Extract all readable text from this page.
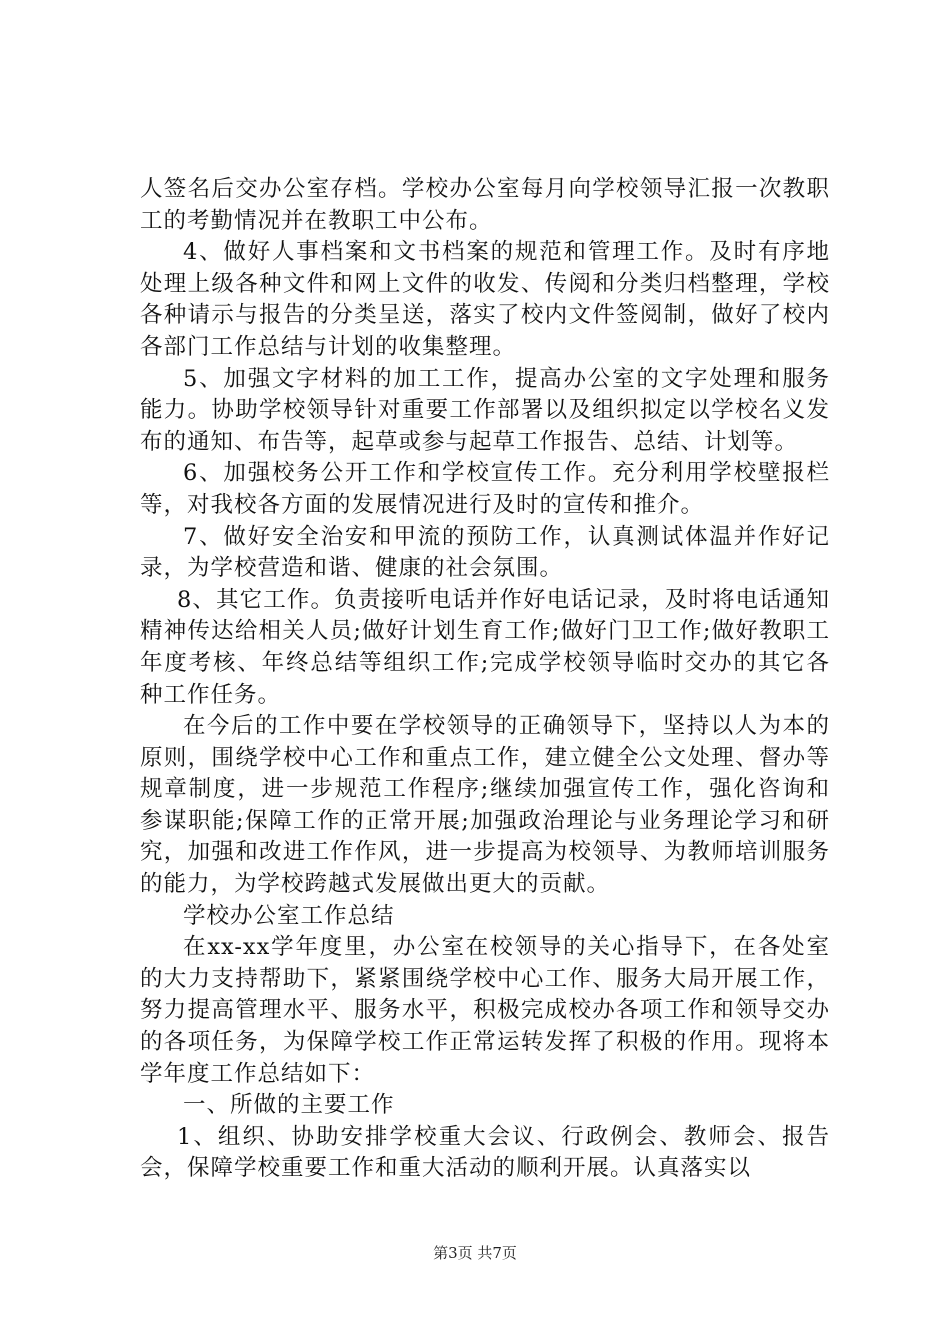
人签名后交办公室存档。学校办公室每月向学校领导汇报一次教职工的考勤情况并在教职工中公布。

4、做好人事档案和文书档案的规范和管理工作。及时有序地处理上级各种文件和网上文件的收发、传阅和分类归档整理，学校各种请示与报告的分类呈送，落实了校内文件签阅制，做好了校内各部门工作总结与计划的收集整理。

5、加强文字材料的加工工作，提高办公室的文字处理和服务能力。协助学校领导针对重要工作部署以及组织拟定以学校名义发布的通知、布告等，起草或参与起草工作报告、总结、计划等。

6、加强校务公开工作和学校宣传工作。充分利用学校壁报栏等，对我校各方面的发展情况进行及时的宣传和推介。

7、做好安全治安和甲流的预防工作，认真测试体温并作好记录，为学校营造和谐、健康的社会氛围。

8、其它工作。负责接听电话并作好电话记录，及时将电话通知精神传达给相关人员;做好计划生育工作;做好门卫工作;做好教职工年度考核、年终总结等组织工作;完成学校领导临时交办的其它各种工作任务。

在今后的工作中要在学校领导的正确领导下，坚持以人为本的原则，围绕学校中心工作和重点工作，建立健全公文处理、督办等规章制度，进一步规范工作程序;继续加强宣传工作，强化咨询和参谋职能;保障工作的正常开展;加强政治理论与业务理论学习和研究，加强和改进工作作风，进一步提高为校领导、为教师培训服务的能力，为学校跨越式发展做出更大的贡献。

学校办公室工作总结

在xx-xx学年度里，办公室在校领导的关心指导下，在各处室的大力支持帮助下，紧紧围绕学校中心工作、服务大局开展工作，努力提高管理水平、服务水平，积极完成校办各项工作和领导交办的各项任务，为保障学校工作正常运转发挥了积极的作用。现将本学年度工作总结如下：

一、所做的主要工作

1、组织、协助安排学校重大会议、行政例会、教师会、报告会，保障学校重要工作和重大活动的顺利开展。认真落实以

第3页 共7页
